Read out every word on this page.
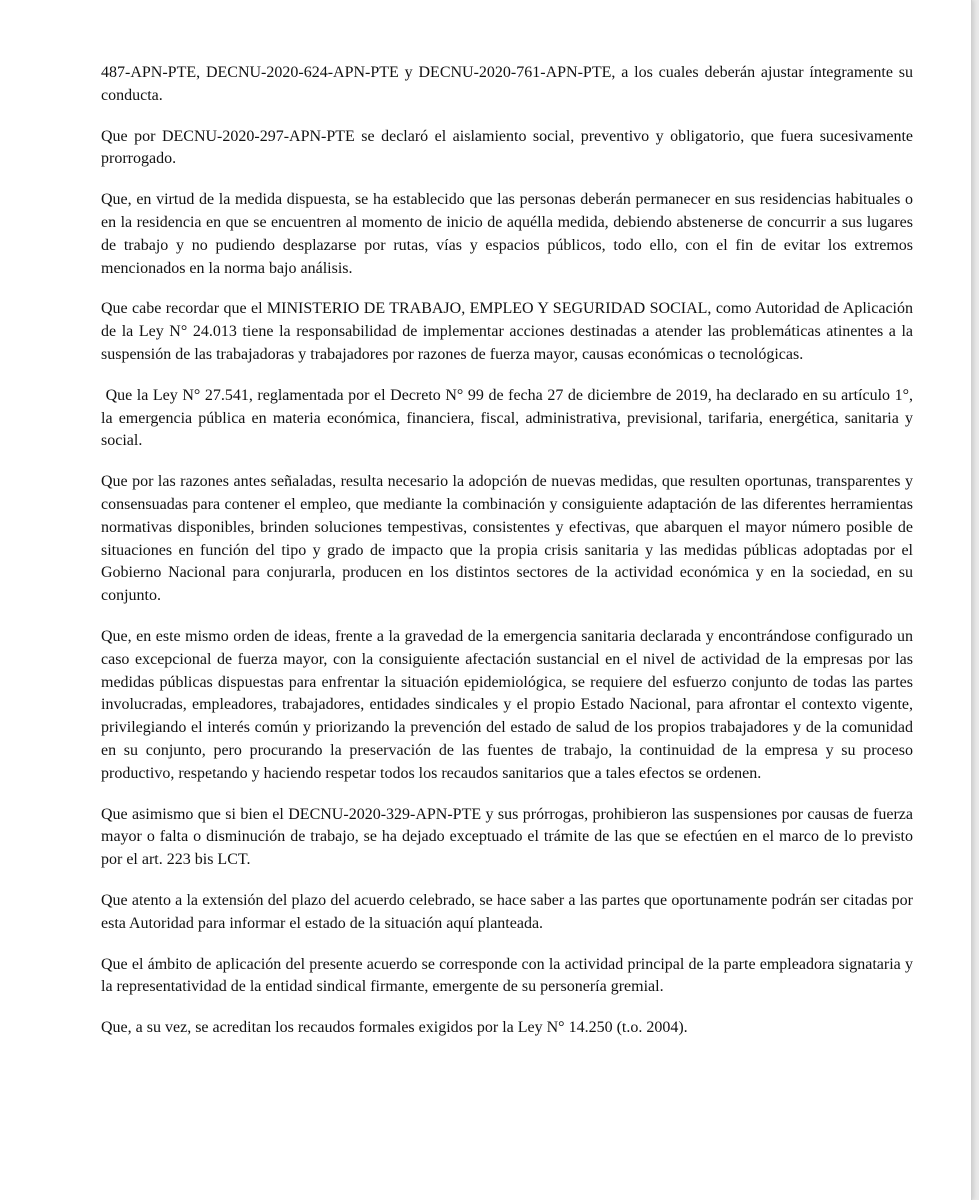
487-APN-PTE, DECNU-2020-624-APN-PTE y DECNU-2020-761-APN-PTE, a los cuales deberán ajustar íntegramente su conducta.

Que por DECNU-2020-297-APN-PTE se declaró el aislamiento social, preventivo y obligatorio, que fuera sucesivamente prorrogado.

Que, en virtud de la medida dispuesta, se ha establecido que las personas deberán permanecer en sus residencias habituales o en la residencia en que se encuentren al momento de inicio de aquélla medida, debiendo abstenerse de concurrir a sus lugares de trabajo y no pudiendo desplazarse por rutas, vías y espacios públicos, todo ello, con el fin de evitar los extremos mencionados en la norma bajo análisis.

Que cabe recordar que el MINISTERIO DE TRABAJO, EMPLEO Y SEGURIDAD SOCIAL, como Autoridad de Aplicación de la Ley N° 24.013 tiene la responsabilidad de implementar acciones destinadas a atender las problemáticas atinentes a la suspensión de las trabajadoras y trabajadores por razones de fuerza mayor, causas económicas o tecnológicas.

Que la Ley N° 27.541, reglamentada por el Decreto N° 99 de fecha 27 de diciembre de 2019, ha declarado en su artículo 1°, la emergencia pública en materia económica, financiera, fiscal, administrativa, previsional, tarifaria, energética, sanitaria y social.

Que por las razones antes señaladas, resulta necesario la adopción de nuevas medidas, que resulten oportunas, transparentes y consensuadas para contener el empleo, que mediante la combinación y consiguiente adaptación de las diferentes herramientas normativas disponibles, brinden soluciones tempestivas, consistentes y efectivas, que abarquen el mayor número posible de situaciones en función del tipo y grado de impacto que la propia crisis sanitaria y las medidas públicas adoptadas por el Gobierno Nacional para conjurarla, producen en los distintos sectores de la actividad económica y en la sociedad, en su conjunto.

Que, en este mismo orden de ideas, frente a la gravedad de la emergencia sanitaria declarada y encontrándose configurado un caso excepcional de fuerza mayor, con la consiguiente afectación sustancial en el nivel de actividad de la empresas por las medidas públicas dispuestas para enfrentar la situación epidemiológica, se requiere del esfuerzo conjunto de todas las partes involucradas, empleadores, trabajadores, entidades sindicales y el propio Estado Nacional, para afrontar el contexto vigente, privilegiando el interés común y priorizando la prevención del estado de salud de los propios trabajadores y de la comunidad en su conjunto, pero procurando la preservación de las fuentes de trabajo, la continuidad de la empresa y su proceso productivo, respetando y haciendo respetar todos los recaudos sanitarios que a tales efectos se ordenen.

Que asimismo que si bien el DECNU-2020-329-APN-PTE y sus prórrogas, prohibieron las suspensiones por causas de fuerza mayor o falta o disminución de trabajo, se ha dejado exceptuado el trámite de las que se efectúen en el marco de lo previsto por el art. 223 bis LCT.

Que atento a la extensión del plazo del acuerdo celebrado, se hace saber a las partes que oportunamente podrán ser citadas por esta Autoridad para informar el estado de la situación aquí planteada.

Que el ámbito de aplicación del presente acuerdo se corresponde con la actividad principal de la parte empleadora signataria y la representatividad de la entidad sindical firmante, emergente de su personería gremial.

Que, a su vez, se acreditan los recaudos formales exigidos por la Ley N° 14.250 (t.o. 2004).
